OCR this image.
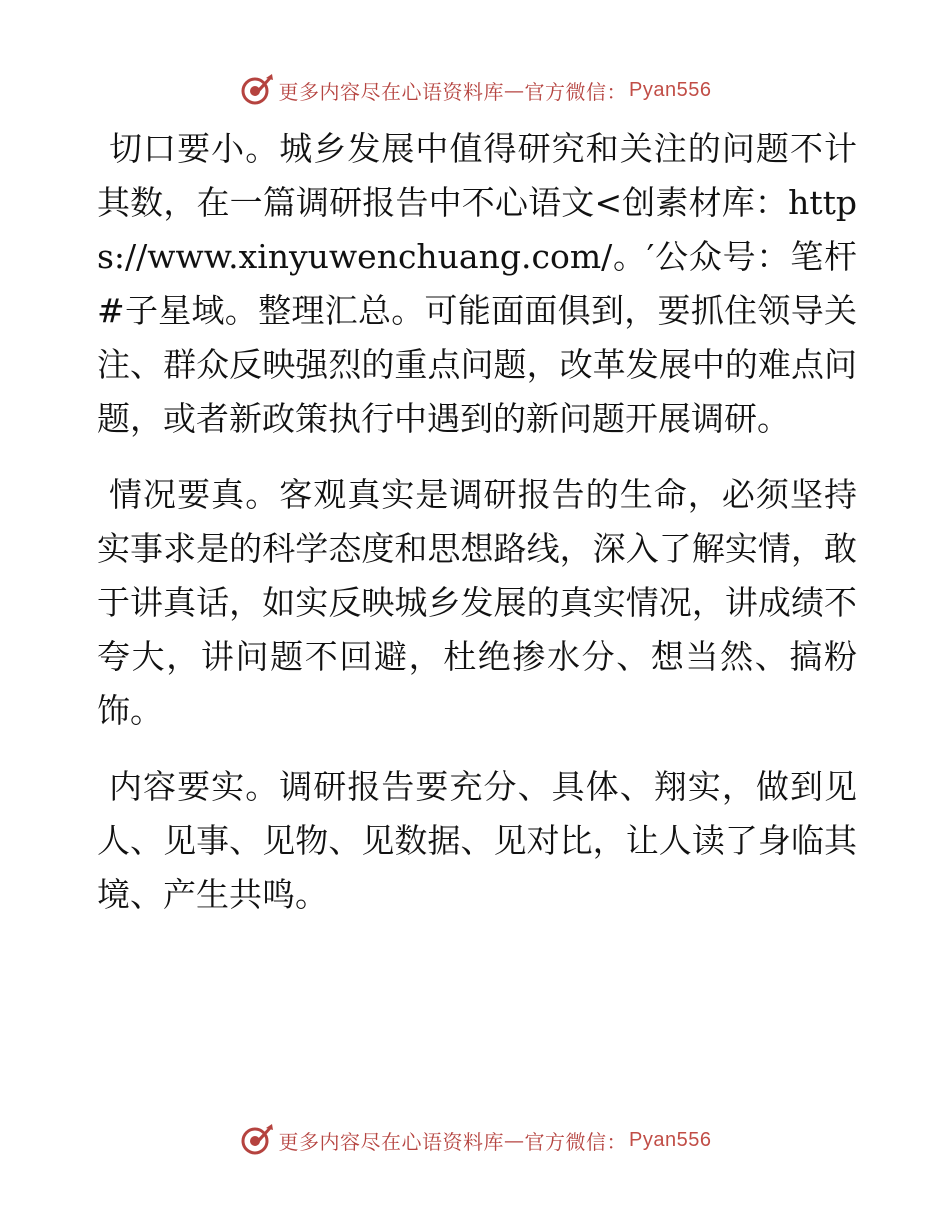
更多内容尽在心语资料库 — 官方微信： Pyan556

切口要小。城乡发展中值得研究和关注的问题不计其数，在一篇调研报告中不心语文<创素材库：https://www.xinyuwenchuang.com/。′公众号：笔杆#子星域。整理汇总。可能面面俱到，要抓住领导关注、群众反映强烈的重点问题，改革发展中的难点问题，或者新政策执行中遇到的新问题开展调研。

情况要真。客观真实是调研报告的生命，必须坚持实事求是的科学态度和思想路线，深入了解实情，敢于讲真话，如实反映城乡发展的真实情况，讲成绩不夸大，讲问题不回避，杜绝掺水分、想当然、搞粉饰。

内容要实。调研报告要充分、具体、翔实，做到见人、见事、见物、见数据、见对比，让人读了身临其境、产生共鸣。

更多内容尽在心语资料库 — 官方微信： Pyan556
